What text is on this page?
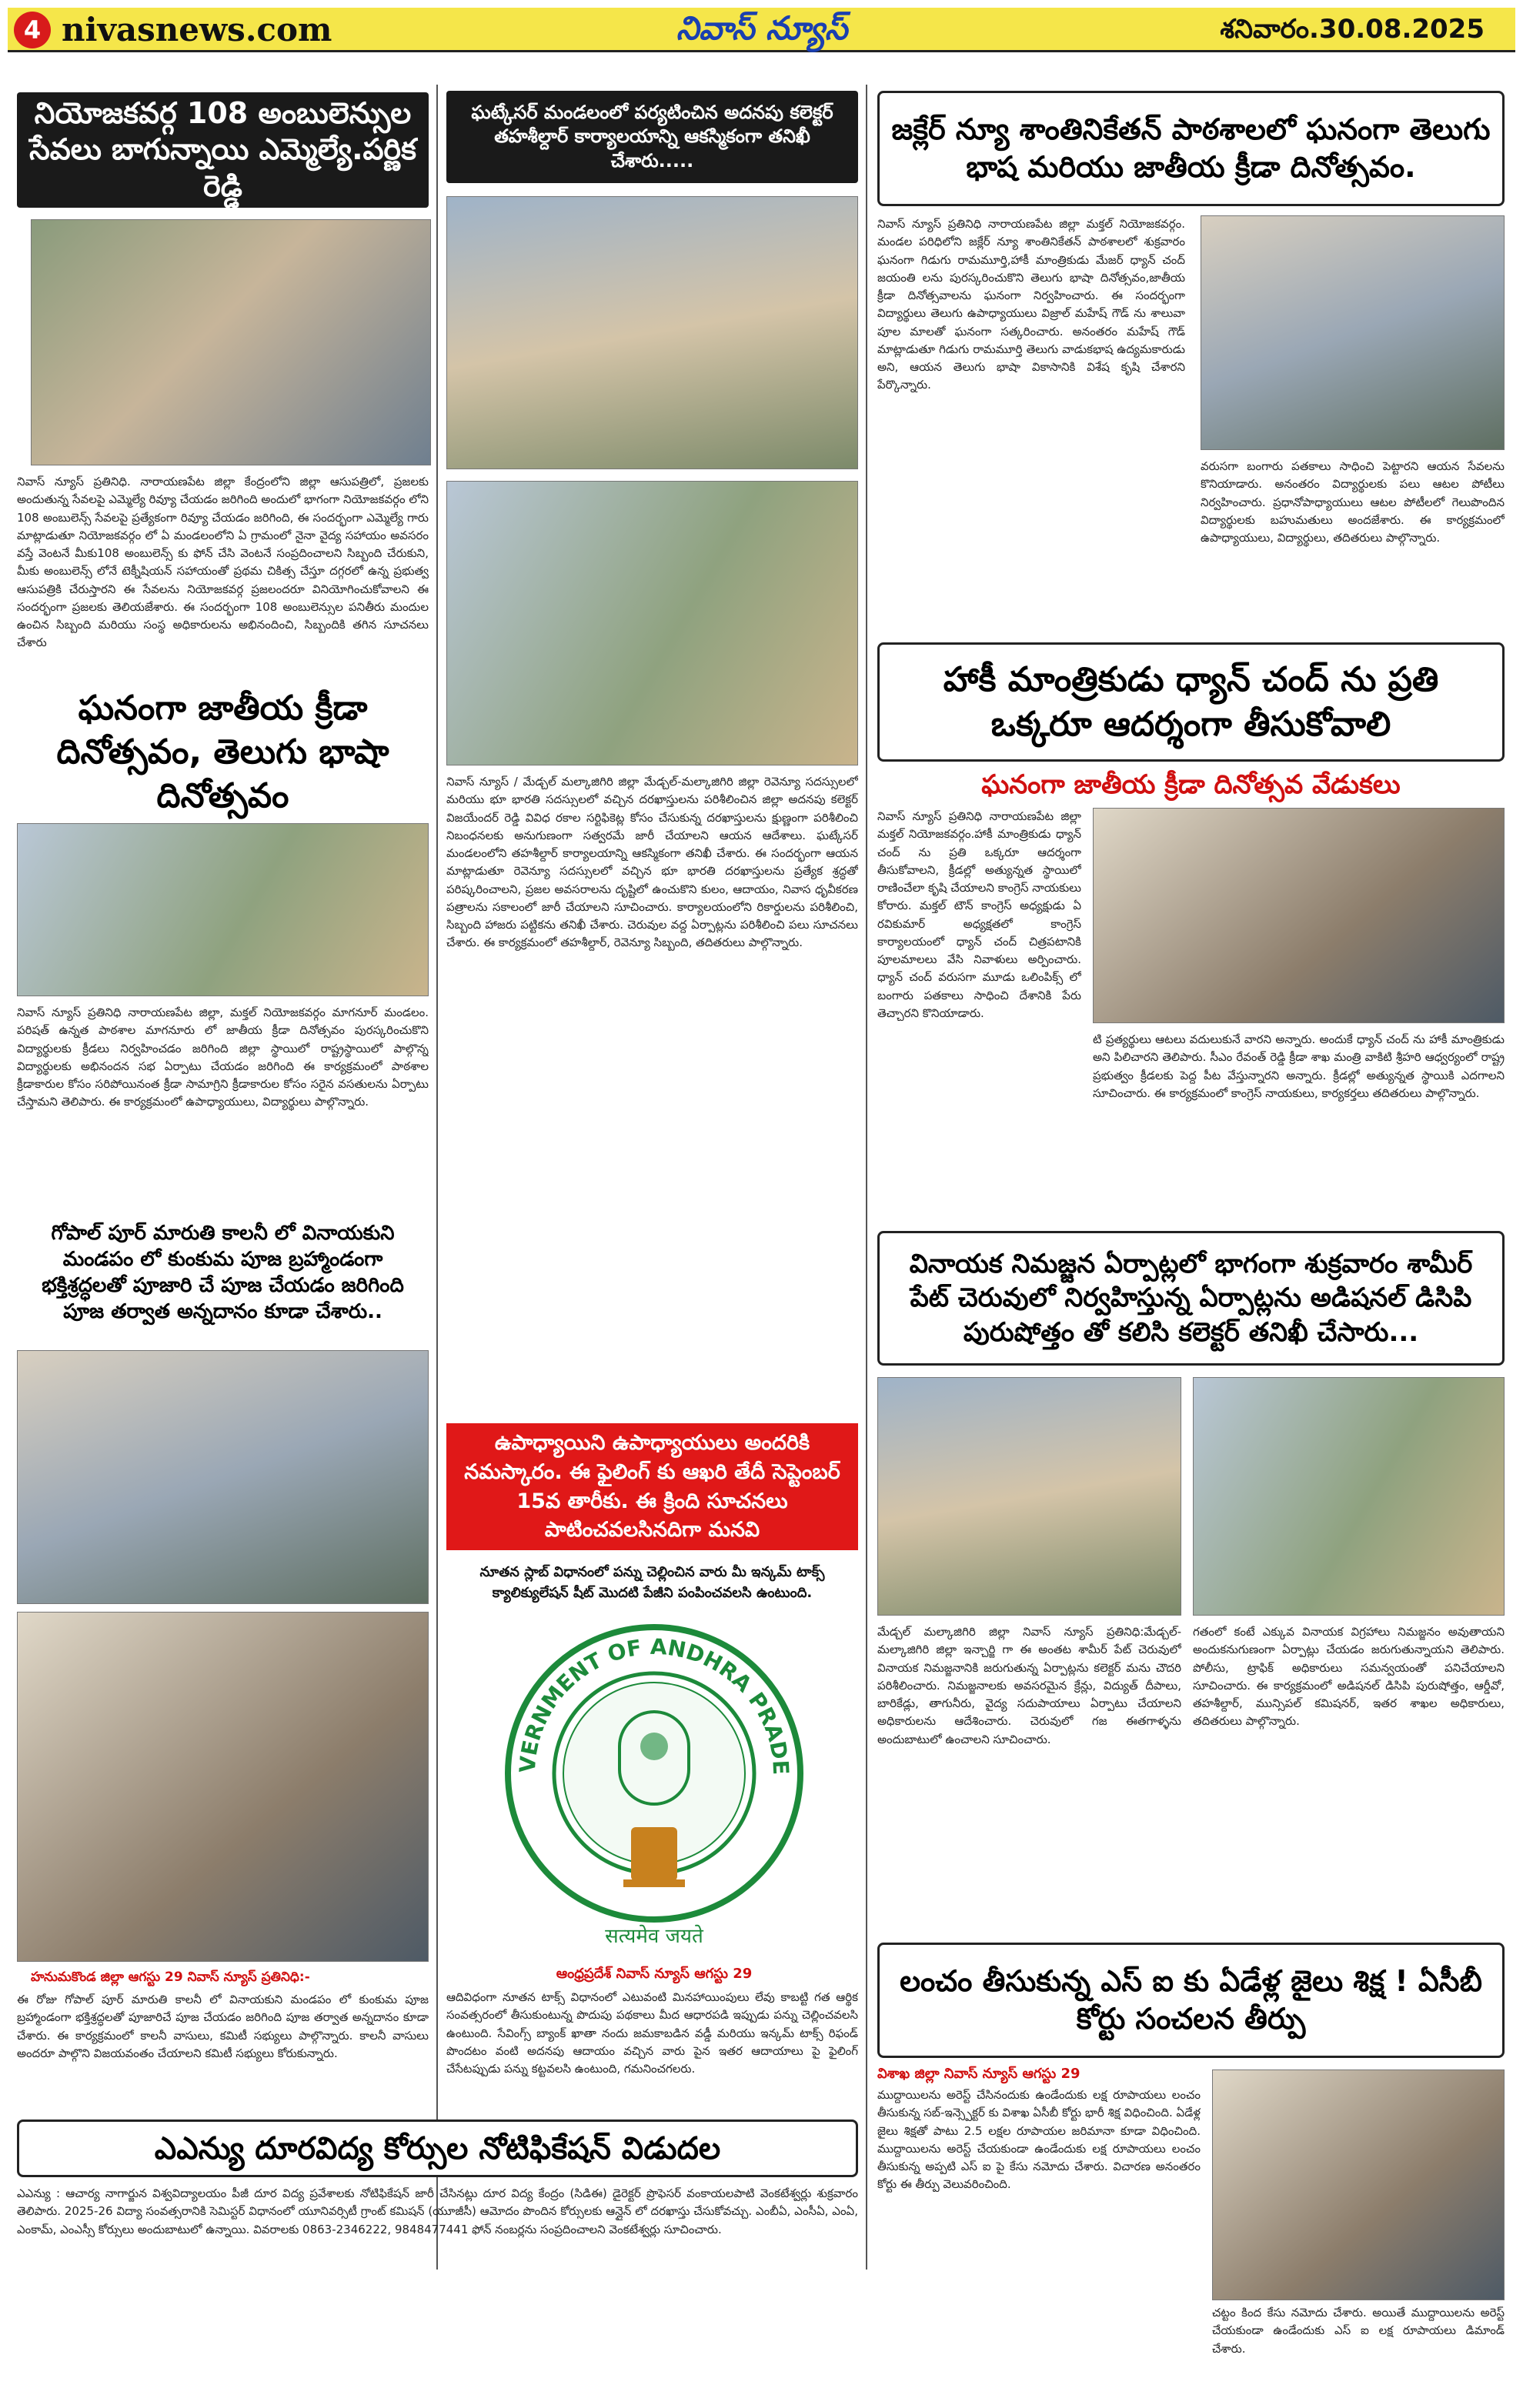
4 nivasnews.com	నివాస్ న్యూస్	శనివారం.30.08.2025
నియోజకవర్గ 108 అంబులెన్సుల సేవలు బాగున్నాయి ఎమ్మెల్యే.పర్ణిక రెడ్డి
నివాస్ న్యూస్ ప్రతినిధి. నారాయణపేట జిల్లా కేంద్రంలోని జిల్లా ఆసుపత్రిలో, ప్రజలకు అందుతున్న సేవలపై ఎమ్మెల్యే రివ్యూ చేయడం జరిగింది అందులో భాగంగా నియోజకవర్గం లోని 108 అంబులెన్స్ సేవలపై ప్రత్యేకంగా రివ్యూ చేయడం జరిగింది, ఈ సందర్భంగా ఎమ్మెల్యే గారు మాట్లాడుతూ నియోజకవర్గం లో ఏ మండలంలోని ఏ గ్రామంలో నైనా వైద్య సహాయం అవసరం వస్తే వెంటనే మీకు108 అంబులెన్స్ కు ఫోన్ చేసి వెంటనే సంప్రదించాలని సిబ్బంది చేరుకుని, మీకు అంబులెన్స్ లోనే టెక్నీషియన్ సహాయంతో ప్రథమ చికిత్స చేస్తూ దగ్గరలో ఉన్న ప్రభుత్వ ఆసుపత్రికి చేరుస్తారని ఈ సేవలను నియోజకవర్గ ప్రజలందరూ వినియోగించుకోవాలని ఈ సందర్భంగా ప్రజలకు తెలియజేశారు. ఈ సందర్భంగా 108 అంబులెన్సుల పనితీరు మందుల ఉంచిన సిబ్బంది మరియు సంస్థ అధికారులను అభినందించి, సిబ్బందికి తగిన సూచనలు చేశారు
ఘనంగా జాతీయ క్రీడా దినోత్సవం, తెలుగు భాషా దినోత్సవం
నివాస్ న్యూస్ ప్రతినిధి నారాయణపేట జిల్లా, మక్తల్ నియోజకవర్గం మాగనూర్ మండలం. పరిషత్ ఉన్నత పాఠశాల మాగనూరు లో జాతీయ క్రీడా దినోత్సవం పురస్కరించుకొని విద్యార్థులకు క్రీడలు నిర్వహించడం జరిగింది జిల్లా స్థాయిలో రాష్ట్రస్థాయిలో పాల్గొన్న విద్యార్థులకు అభినందన సభ ఏర్పాటు చేయడం జరిగింది ఈ కార్యక్రమంలో పాఠశాల క్రీడాకారుల కోసం సరిపోయినంత క్రీడా సామాగ్రిని క్రీడాకారుల కోసం సరైన వసతులను ఏర్పాటు చేస్తామని తెలిపారు. ఈ కార్యక్రమంలో ఉపాధ్యాయులు, విద్యార్థులు పాల్గొన్నారు.
గోపాల్ పూర్ మారుతి కాలనీ లో వినాయకుని మండపం లో కుంకుమ పూజ బ్రహ్మాండంగా భక్తిశ్రద్ధలతో పూజారి చే పూజ చేయడం జరిగింది పూజ తర్వాత అన్నదానం కూడా చేశారు..
హనుమకొండ జిల్లా ఆగస్టు 29 నివాస్ న్యూస్ ప్రతినిధి:-
ఈ రోజు గోపాల్ పూర్ మారుతి కాలనీ లో వినాయకుని మండపం లో కుంకుమ పూజ బ్రహ్మాండంగా భక్తిశ్రద్ధలతో పూజారిచే పూజ చేయడం జరిగింది పూజ తర్వాత అన్నదానం కూడా చేశారు. ఈ కార్యక్రమంలో కాలనీ వాసులు, కమిటీ సభ్యులు పాల్గొన్నారు. కాలనీ వాసులు అందరూ పాల్గొని విజయవంతం చేయాలని కమిటీ సభ్యులు కోరుకున్నారు.
ఘట్కేసర్ మండలంలో పర్యటించిన అదనపు కలెక్టర్ తహశీల్దార్ కార్యాలయాన్ని ఆకస్మికంగా తనిఖీ చేశారు.....
నివాస్ న్యూస్ / మేడ్చల్ మల్కాజిగిరి జిల్లా మేడ్చల్-మల్కాజిగిరి జిల్లా రెవెన్యూ సదస్సులలో మరియు భూ భారతి సదస్సులలో వచ్చిన దరఖాస్తులను పరిశీలించిన జిల్లా అదనపు కలెక్టర్ విజయేందర్ రెడ్డి వివిధ రకాల సర్టిఫికెట్ల కోసం చేసుకున్న దరఖాస్తులను క్షుణ్ణంగా పరిశీలించి నిబంధనలకు అనుగుణంగా సత్వరమే జారీ చేయాలని ఆయన ఆదేశాలు. ఘట్కేసర్ మండలంలోని తహశీల్దార్ కార్యాలయాన్ని ఆకస్మికంగా తనిఖీ చేశారు. ఈ సందర్భంగా ఆయన మాట్లాడుతూ రెవెన్యూ సదస్సులలో వచ్చిన భూ భారతి దరఖాస్తులను ప్రత్యేక శ్రద్ధతో పరిష్కరించాలని, ప్రజల అవసరాలను దృష్టిలో ఉంచుకొని కులం, ఆదాయం, నివాస ధృవీకరణ పత్రాలను సకాలంలో జారీ చేయాలని సూచించారు. కార్యాలయంలోని రికార్డులను పరిశీలించి, సిబ్బంది హాజరు పట్టికను తనిఖీ చేశారు. చెరువుల వద్ద ఏర్పాట్లను పరిశీలించి పలు సూచనలు చేశారు. ఈ కార్యక్రమంలో తహశీల్దార్, రెవెన్యూ సిబ్బంది, తదితరులు పాల్గొన్నారు.
ఉపాధ్యాయిని ఉపాధ్యాయులు అందరికి నమస్కారం. ఈ ఫైలింగ్ కు ఆఖరి తేదీ సెప్టెంబర్ 15వ తారీకు. ఈ క్రింది సూచనలు పాటించవలసినదిగా మనవి
నూతన స్లాబ్ విధానంలో పన్ను చెల్లించిన వారు మీ ఇన్కమ్ టాక్స్ క్యాలిక్యులేషన్ షీట్ మొదటి పేజీని పంపించవలసి ఉంటుంది.
VERNMENT OF ANDHRA PRADE
सत्यमेव जयते
ఆంధ్రప్రదేశ్ నివాస్ న్యూస్ ఆగస్టు 29
ఆదివిధంగా నూతన టాక్స్ విధానంలో ఎటువంటి మినహాయింపులు లేవు కాబట్టి గత ఆర్థిక సంవత్సరంలో తీసుకుంటున్న పొదుపు పథకాలు మీద ఆధారపడి ఇప్పుడు పన్ను చెల్లించవలసి ఉంటుంది. సేవింగ్స్ బ్యాంక్ ఖాతా నందు జమకాబడిన వడ్డీ మరియు ఇన్కమ్ టాక్స్ రిఫండ్ పొందటం వంటి అదనపు ఆదాయం వచ్చిన వారు పైన ఇతర ఆదాయాలు పై ఫైలింగ్ చేసేటప్పుడు పన్ను కట్టవలసి ఉంటుంది, గమనించగలరు.
జక్లేర్ న్యూ శాంతినికేతన్ పాఠశాలలో ఘనంగా తెలుగు భాష మరియు జాతీయ క్రీడా దినోత్సవం.
నివాస్ న్యూస్ ప్రతినిధి నారాయణపేట జిల్లా మక్తల్ నియోజకవర్గం. మండల పరిధిలోని జక్లేర్ న్యూ శాంతినికేతన్ పాఠశాలలో శుక్రవారం ఘనంగా గిడుగు రామమూర్తి,హాకీ మాంత్రికుడు మేజర్ ధ్యాన్ చంద్ జయంతి లను పురస్కరించుకొని తెలుగు భాషా దినోత్సవం,జాతీయ క్రీడా దినోత్సవాలను ఘనంగా నిర్వహించారు. ఈ సందర్భంగా విద్యార్థులు తెలుగు ఉపాధ్యాయులు విజ్రాల్ మహేష్ గౌడ్ ను శాలువా పూల మాలతో ఘనంగా సత్కరించారు. అనంతరం మహేష్ గౌడ్ మాట్లాడుతూ గిడుగు రామమూర్తి తెలుగు వాడుకభాష ఉద్యమకారుడు అని, ఆయన తెలుగు భాషా వికాసానికి విశేష కృషి చేశారని పేర్కొన్నారు.
వరుసగా బంగారు పతకాలు సాధించి పెట్టారని ఆయన సేవలను కొనియాడారు. అనంతరం విద్యార్థులకు పలు ఆటల పోటీలు నిర్వహించారు. ప్రధానోపాధ్యాయులు ఆటల పోటీలలో గెలుపొందిన విద్యార్థులకు బహుమతులు అందజేశారు. ఈ కార్యక్రమంలో ఉపాధ్యాయులు, విద్యార్థులు, తదితరులు పాల్గొన్నారు.
హాకీ మాంత్రికుడు ధ్యాన్ చంద్ ను ప్రతి ఒక్కరూ ఆదర్శంగా తీసుకోవాలి
ఘనంగా జాతీయ క్రీడా దినోత్సవ వేడుకలు
నివాస్ న్యూస్ ప్రతినిధి నారాయణపేట జిల్లా మక్తల్ నియోజకవర్గం.హాకీ మాంత్రికుడు ధ్యాన్ చంద్ ను ప్రతి ఒక్కరూ ఆదర్శంగా తీసుకోవాలని, క్రీడల్లో అత్యున్నత స్థాయిలో రాణించేలా కృషి చేయాలని కాంగ్రెస్ నాయకులు కోరారు. మక్తల్ టౌన్ కాంగ్రెస్ అధ్యక్షుడు ఏ రవికుమార్ అధ్యక్షతలో కాంగ్రెస్ కార్యాలయంలో ధ్యాన్ చంద్ చిత్రపటానికి పూలమాలలు వేసి నివాళులు అర్పించారు. ధ్యాన్ చంద్ వరుసగా మూడు ఒలింపిక్స్ లో బంగారు పతకాలు సాధించి దేశానికి పేరు తెచ్చారని కొనియాడారు.
టి ప్రత్యర్థులు ఆటలు వదులుకునే వారని అన్నారు. అందుకే ధ్యాన్ చంద్ ను హాకీ మాంత్రికుడు అని పిలిచారని తెలిపారు. సీఎం రేవంత్ రెడ్డి క్రీడా శాఖ మంత్రి వాకిటి శ్రీహరి ఆధ్వర్యంలో రాష్ట్ర ప్రభుత్వం క్రీడలకు పెద్ద పీట వేస్తున్నారని అన్నారు. క్రీడల్లో అత్యున్నత స్థాయికి ఎదగాలని సూచించారు. ఈ కార్యక్రమంలో కాంగ్రెస్ నాయకులు, కార్యకర్తలు తదితరులు పాల్గొన్నారు.
వినాయక నిమజ్జన ఏర్పాట్లలో భాగంగా శుక్రవారం శామీర్ పేట్ చెరువులో నిర్వహిస్తున్న ఏర్పాట్లను అడిషనల్ డిసిపి పురుషోత్తం తో కలిసి కలెక్టర్ తనిఖీ చేసారు...
మేడ్చల్ మల్కాజిగిరి జిల్లా నివాస్ న్యూస్ ప్రతినిధి:మేడ్చల్-మల్కాజిగిరి జిల్లా ఇన్చార్జి గా ఈ అంతట శామీర్ పేట్ చెరువులో వినాయక నిమజ్జనానికి జరుగుతున్న ఏర్పాట్లను కలెక్టర్ మను చౌదరి పరిశీలించారు. నిమజ్జనాలకు అవసరమైన క్రేన్లు, విద్యుత్ దీపాలు, బారికేడ్లు, తాగునీరు, వైద్య సదుపాయాలు ఏర్పాటు చేయాలని అధికారులను ఆదేశించారు. చెరువులో గజ ఈతగాళ్ళను అందుబాటులో ఉంచాలని సూచించారు.
గతంలో కంటే ఎక్కువ వినాయక విగ్రహాలు నిమజ్జనం అవుతాయని అందుకనుగుణంగా ఏర్పాట్లు చేయడం జరుగుతున్నాయని తెలిపారు. పోలీసు, ట్రాఫిక్ అధికారులు సమన్వయంతో పనిచేయాలని సూచించారు. ఈ కార్యక్రమంలో అడిషనల్ డిసిపి పురుషోత్తం, ఆర్డీవో, తహశీల్దార్, మున్సిపల్ కమిషనర్, ఇతర శాఖల అధికారులు, తదితరులు పాల్గొన్నారు.
లంచం తీసుకున్న ఎస్ ఐ కు ఏడేళ్ల జైలు శిక్ష ! ఏసీబీ కోర్టు సంచలన తీర్పు
విశాఖ జిల్లా నివాస్ న్యూస్ ఆగస్టు 29
ముద్దాయిలను అరెస్ట్ చేసినందుకు ఉండేందుకు లక్ష రూపాయలు లంచం తీసుకున్న సబ్-ఇన్స్పెక్టర్ కు విశాఖ ఏసీబీ కోర్టు భారీ శిక్ష విధించింది. ఏడేళ్ల జైలు శిక్షతో పాటు 2.5 లక్షల రూపాయల జరిమానా కూడా విధించింది. ముద్దాయిలను అరెస్ట్ చేయకుండా ఉండేందుకు లక్ష రూపాయలు లంచం తీసుకున్న అప్పటి ఎస్ ఐ పై కేసు నమోదు చేశారు. విచారణ అనంతరం కోర్టు ఈ తీర్పు వెలువరించింది.
చట్టం కింద కేసు నమోదు చేశారు. అయితే ముద్దాయిలను అరెస్ట్ చేయకుండా ఉండేందుకు ఎస్ ఐ లక్ష రూపాయలు డిమాండ్ చేశారు.
ఎఎన్యు దూరవిద్య కోర్సుల నోటిఫికేషన్ విడుదల
ఎఎన్యు : ఆచార్య నాగార్జున విశ్వవిద్యాలయం పీజీ దూర విద్య ప్రవేశాలకు నోటిఫికేషన్ జారీ చేసినట్లు దూర విద్య కేంద్రం (సిడిఈ) డైరెక్టర్ ప్రొఫెసర్ వంకాయలపాటి వెంకటేశ్వర్లు శుక్రవారం తెలిపారు. 2025-26 విద్యా సంవత్సరానికి సెమిస్టర్ విధానంలో యూనివర్సిటీ గ్రాంట్ కమిషన్ (యూజీసీ) ఆమోదం పొందిన కోర్సులకు ఆన్లైన్ లో దరఖాస్తు చేసుకోవచ్చు. ఎంబీఏ, ఎంసీఏ, ఎంఏ, ఎంకామ్, ఎంఎస్సీ కోర్సులు అందుబాటులో ఉన్నాయి. వివరాలకు 0863-2346222, 9848477441 ఫోన్ నంబర్లను సంప్రదించాలని వెంకటేశ్వర్లు సూచించారు.
